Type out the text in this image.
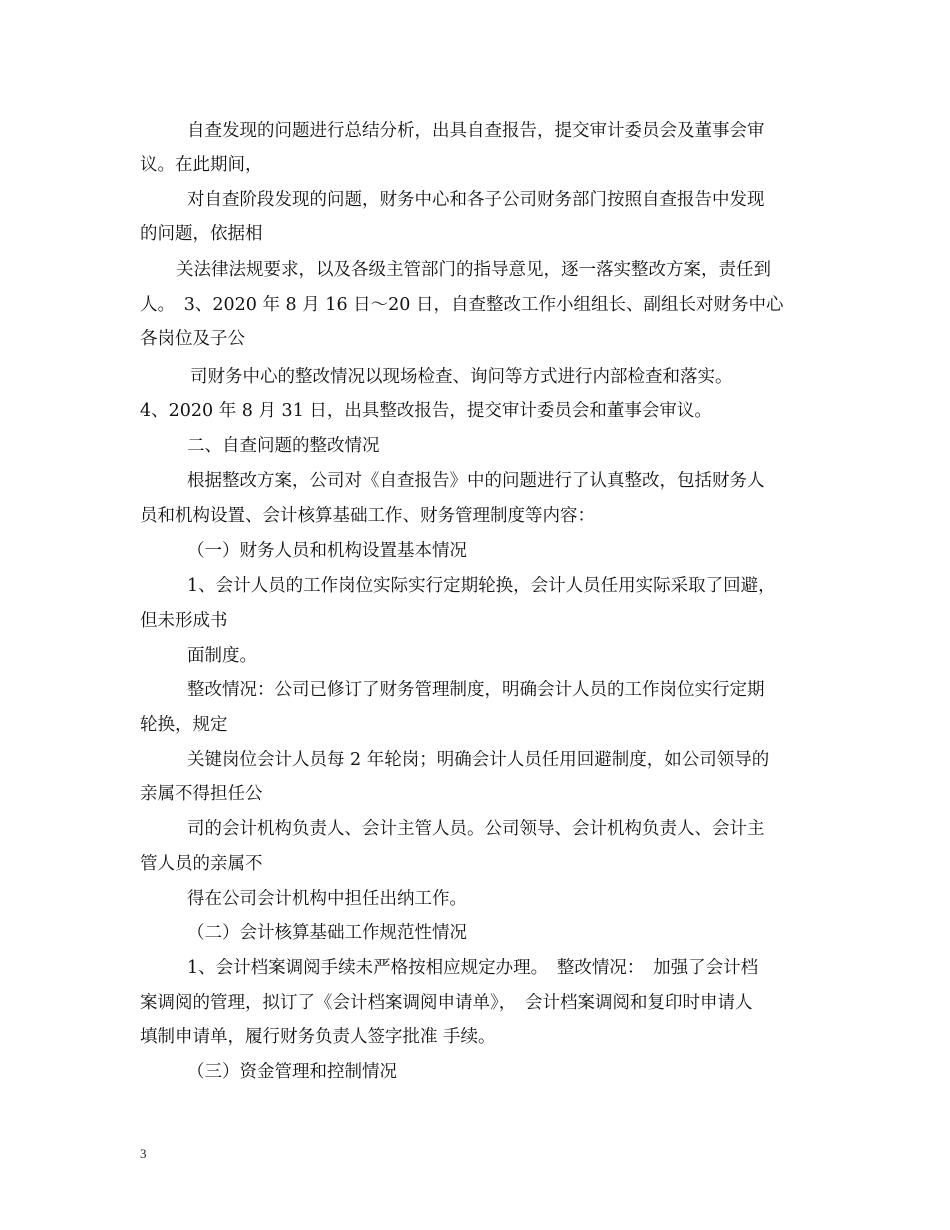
自查发现的问题进行总结分析，出具自查报告，提交审计委员会及董事会审
议。在此期间，
对自查阶段发现的问题，财务中心和各子公司财务部门按照自查报告中发现
的问题，依据相
关法律法规要求，以及各级主管部门的指导意见，逐一落实整改方案，责任到
人。　3、2020 年 8 月 16 日～20 日，自查整改工作小组组长、副组长对财务中心
各岗位及子公
司财务中心的整改情况以现场检查、询问等方式进行内部检查和落实。
4、2020 年 8 月 31 日，出具整改报告，提交审计委员会和董事会审议。
二、自查问题的整改情况
根据整改方案，公司对《自查报告》中的问题进行了认真整改，包括财务人
员和机构设置、会计核算基础工作、财务管理制度等内容：
（一）财务人员和机构设置基本情况
1、会计人员的工作岗位实际实行定期轮换，会计人员任用实际采取了回避，
但未形成书
面制度。
整改情况：公司已修订了财务管理制度，明确会计人员的工作岗位实行定期
轮换，规定
关键岗位会计人员每 2 年轮岗；明确会计人员任用回避制度，如公司领导的
亲属不得担任公
司的会计机构负责人、会计主管人员。公司领导、会计机构负责人、会计主
管人员的亲属不
得在公司会计机构中担任出纳工作。
（二）会计核算基础工作规范性情况
1、会计档案调阅手续未严格按相应规定办理。　整改情况：　加强了会计档
案调阅的管理，拟订了《会计档案调阅申请单》，　会计档案调阅和复印时申请人
填制申请单，履行财务负责人签字批准 手续。
（三）资金管理和控制情况
3
